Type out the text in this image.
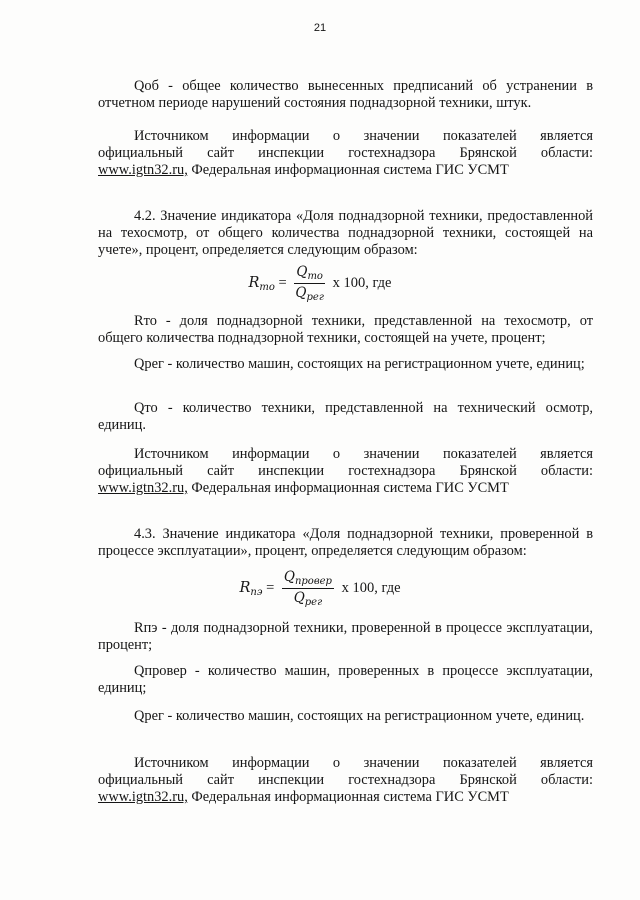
21

Qоб - общее количество вынесенных предписаний об устранении в отчетном периоде нарушений состояния поднадзорной техники, штук.

Источником информации о значении показателей является

официальный сайт инспекции гостехнадзора Брянской области:

www.igtn32.ru, Федеральная информационная система ГИС УСМТ

4.2. Значение индикатора «Доля поднадзорной техники, предоставленной на техосмотр, от общего количества поднадзорной техники, состоящей на учете», процент, определяется следующим образом:

$R_{то} = \frac{Q_{то}}{Q_{рег}}$ x 100, где

Rто - доля поднадзорной техники, представленной на техосмотр, от общего количества поднадзорной техники, состоящей на учете, процент;

Qрег - количество машин, состоящих на регистрационном учете, единиц;

Qто - количество техники, представленной на технический осмотр, единиц.

Источником информации о значении показателей является

официальный сайт инспекции гостехнадзора Брянской области:

www.igtn32.ru, Федеральная информационная система ГИС УСМТ

4.3. Значение индикатора «Доля поднадзорной техники, проверенной в процессе эксплуатации», процент, определяется следующим образом:

$R_{пэ} = \frac{Q_{провер}}{Q_{рег}}$ x 100, где

Rпэ - доля поднадзорной техники, проверенной в процессе эксплуатации, процент;

Qпровер - количество машин, проверенных в процессе эксплуатации, единиц;

Qрег - количество машин, состоящих на регистрационном учете, единиц.

Источником информации о значении показателей является

официальный сайт инспекции гостехнадзора Брянской области:

www.igtn32.ru, Федеральная информационная система ГИС УСМТ
